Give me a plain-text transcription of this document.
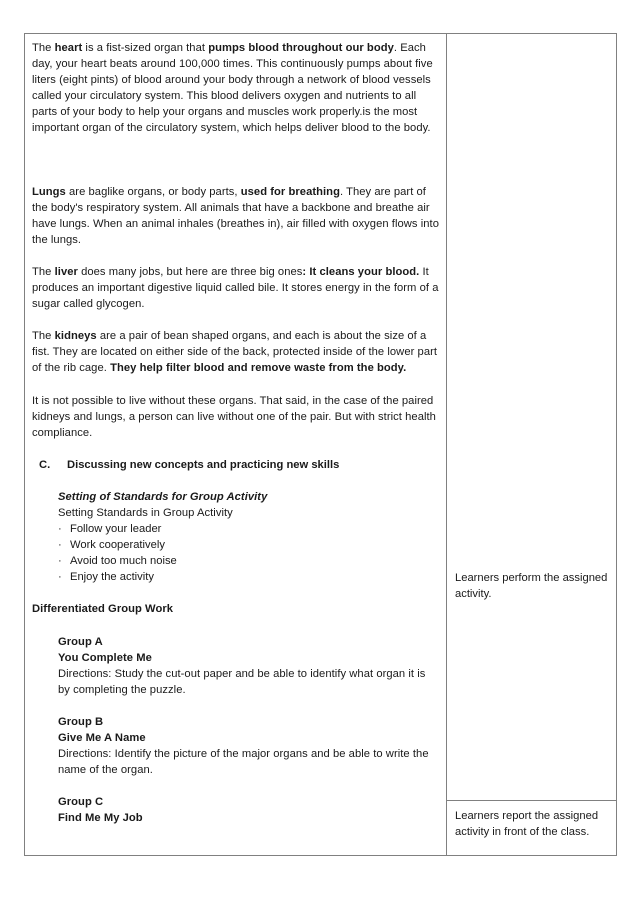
The heart is a fist-sized organ that pumps blood throughout our body. Each day, your heart beats around 100,000 times. This continuously pumps about five liters (eight pints) of blood around your body through a network of blood vessels called your circulatory system. This blood delivers oxygen and nutrients to all parts of your body to help your organs and muscles work properly.is the most important organ of the circulatory system, which helps deliver blood to the body.

Lungs are baglike organs, or body parts, used for breathing. They are part of the body's respiratory system. All animals that have a backbone and breathe air have lungs. When an animal inhales (breathes in), air filled with oxygen flows into the lungs.

The liver does many jobs, but here are three big ones: It cleans your blood. It produces an important digestive liquid called bile. It stores energy in the form of a sugar called glycogen.

The kidneys are a pair of bean shaped organs, and each is about the size of a fist. They are located on either side of the back, protected inside of the lower part of the rib cage. They help filter blood and remove waste from the body.

It is not possible to live without these organs. That said, in the case of the paired kidneys and lungs, a person can live without one of the pair. But with strict health compliance.

C.	Discussing new concepts and practicing new skills

Setting of Standards for Group Activity

Setting Standards in Group Activity

· Follow your leader
· Work cooperatively
· Avoid too much noise
· Enjoy the activity

Differentiated Group Work

Group A

You Complete Me

Directions: Study the cut-out paper and be able to identify what organ it is by completing the puzzle.

Group B

Give Me A Name

Directions: Identify the picture of the major organs and be able to write the name of the organ.

Group C

Find Me My Job

Learners perform the assigned activity.

Learners report the assigned activity in front of the class.
